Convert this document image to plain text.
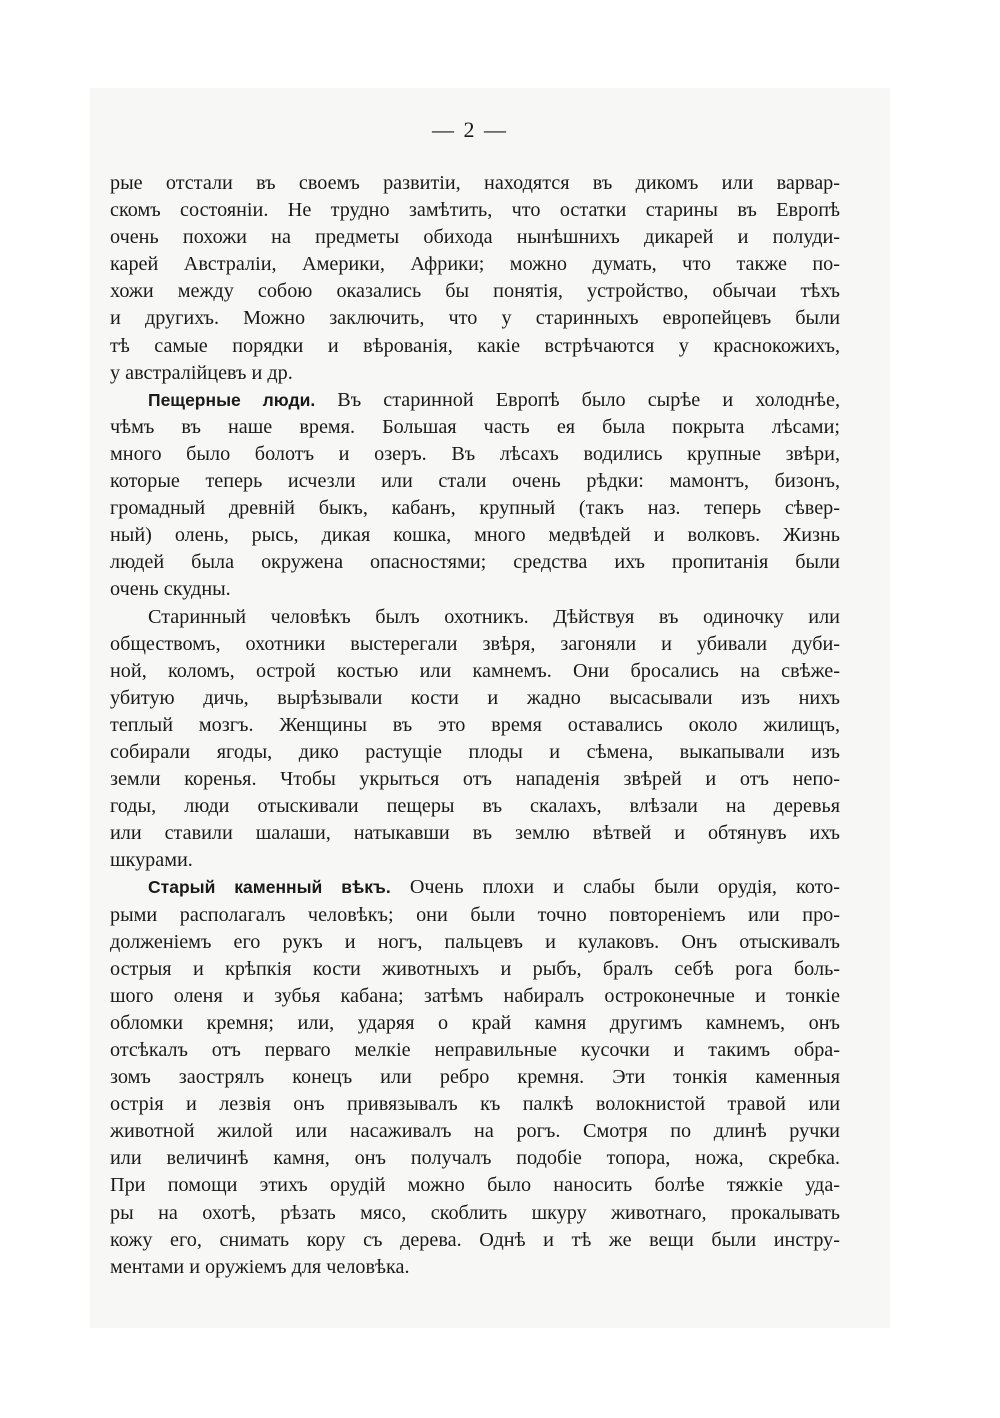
— 2 —
рые отстали въ своемъ развитіи, находятся въ дикомъ или варвар-
скомъ состояніи. Не трудно замѣтить, что остатки старины въ Европѣ
очень похожи на предметы обихода нынѣшнихъ дикарей и полуди-
карей Австраліи, Америки, Африки; можно думать, что также по-
хожи между собою оказались бы понятія, устройство, обычаи тѣхъ
и другихъ. Можно заключить, что у старинныхъ европейцевъ были
тѣ самые порядки и вѣрованія, какіе встрѣчаются у краснокожихъ,
у австралійцевъ и др.
Пещерные люди. Въ старинной Европѣ было сырѣе и холоднѣе,
чѣмъ въ наше время. Большая часть ея была покрыта лѣсами;
много было болотъ и озеръ. Въ лѣсахъ водились крупные звѣри,
которые теперь исчезли или стали очень рѣдки: мамонтъ, бизонъ,
громадный древній быкъ, кабанъ, крупный (такъ наз. теперь сѣвер-
ный) олень, рысь, дикая кошка, много медвѣдей и волковъ. Жизнь
людей была окружена опасностями; средства ихъ пропитанія были
очень скудны.
Старинный человѣкъ былъ охотникъ. Дѣйствуя въ одиночку или
обществомъ, охотники выстерегали звѣря, загоняли и убивали дуби-
ной, коломъ, острой костью или камнемъ. Они бросались на свѣже-
убитую дичь, вырѣзывали кости и жадно высасывали изъ нихъ
теплый мозгъ. Женщины въ это время оставались около жилищъ,
собирали ягоды, дико растущіе плоды и сѣмена, выкапывали изъ
земли коренья. Чтобы укрыться отъ нападенія звѣрей и отъ непо-
годы, люди отыскивали пещеры въ скалахъ, влѣзали на деревья
или ставили шалаши, натыкавши въ землю вѣтвей и обтянувъ ихъ
шкурами.
Старый каменный вѣкъ. Очень плохи и слабы были орудія, кото-
рыми располагалъ человѣкъ; они были точно повтореніемъ или про-
долженіемъ его рукъ и ногъ, пальцевъ и кулаковъ. Онъ отыскивалъ
острыя и крѣпкія кости животныхъ и рыбъ, бралъ себѣ рога боль-
шого оленя и зубья кабана; затѣмъ набиралъ остроконечные и тонкіе
обломки кремня; или, ударяя о край камня другимъ камнемъ, онъ
отсѣкалъ отъ перваго мелкіе неправильные кусочки и такимъ обра-
зомъ заострялъ конецъ или ребро кремня. Эти тонкія каменныя
острія и лезвія онъ привязывалъ къ палкѣ волокнистой травой или
животной жилой или насаживалъ на рогъ. Смотря по длинѣ ручки
или величинѣ камня, онъ получалъ подобіе топора, ножа, скребка.
При помощи этихъ орудій можно было наносить болѣе тяжкіе уда-
ры на охотѣ, рѣзать мясо, скоблить шкуру животнаго, прокалывать
кожу его, снимать кору съ дерева. Однѣ и тѣ же вещи были инстру-
ментами и оружіемъ для человѣка.
